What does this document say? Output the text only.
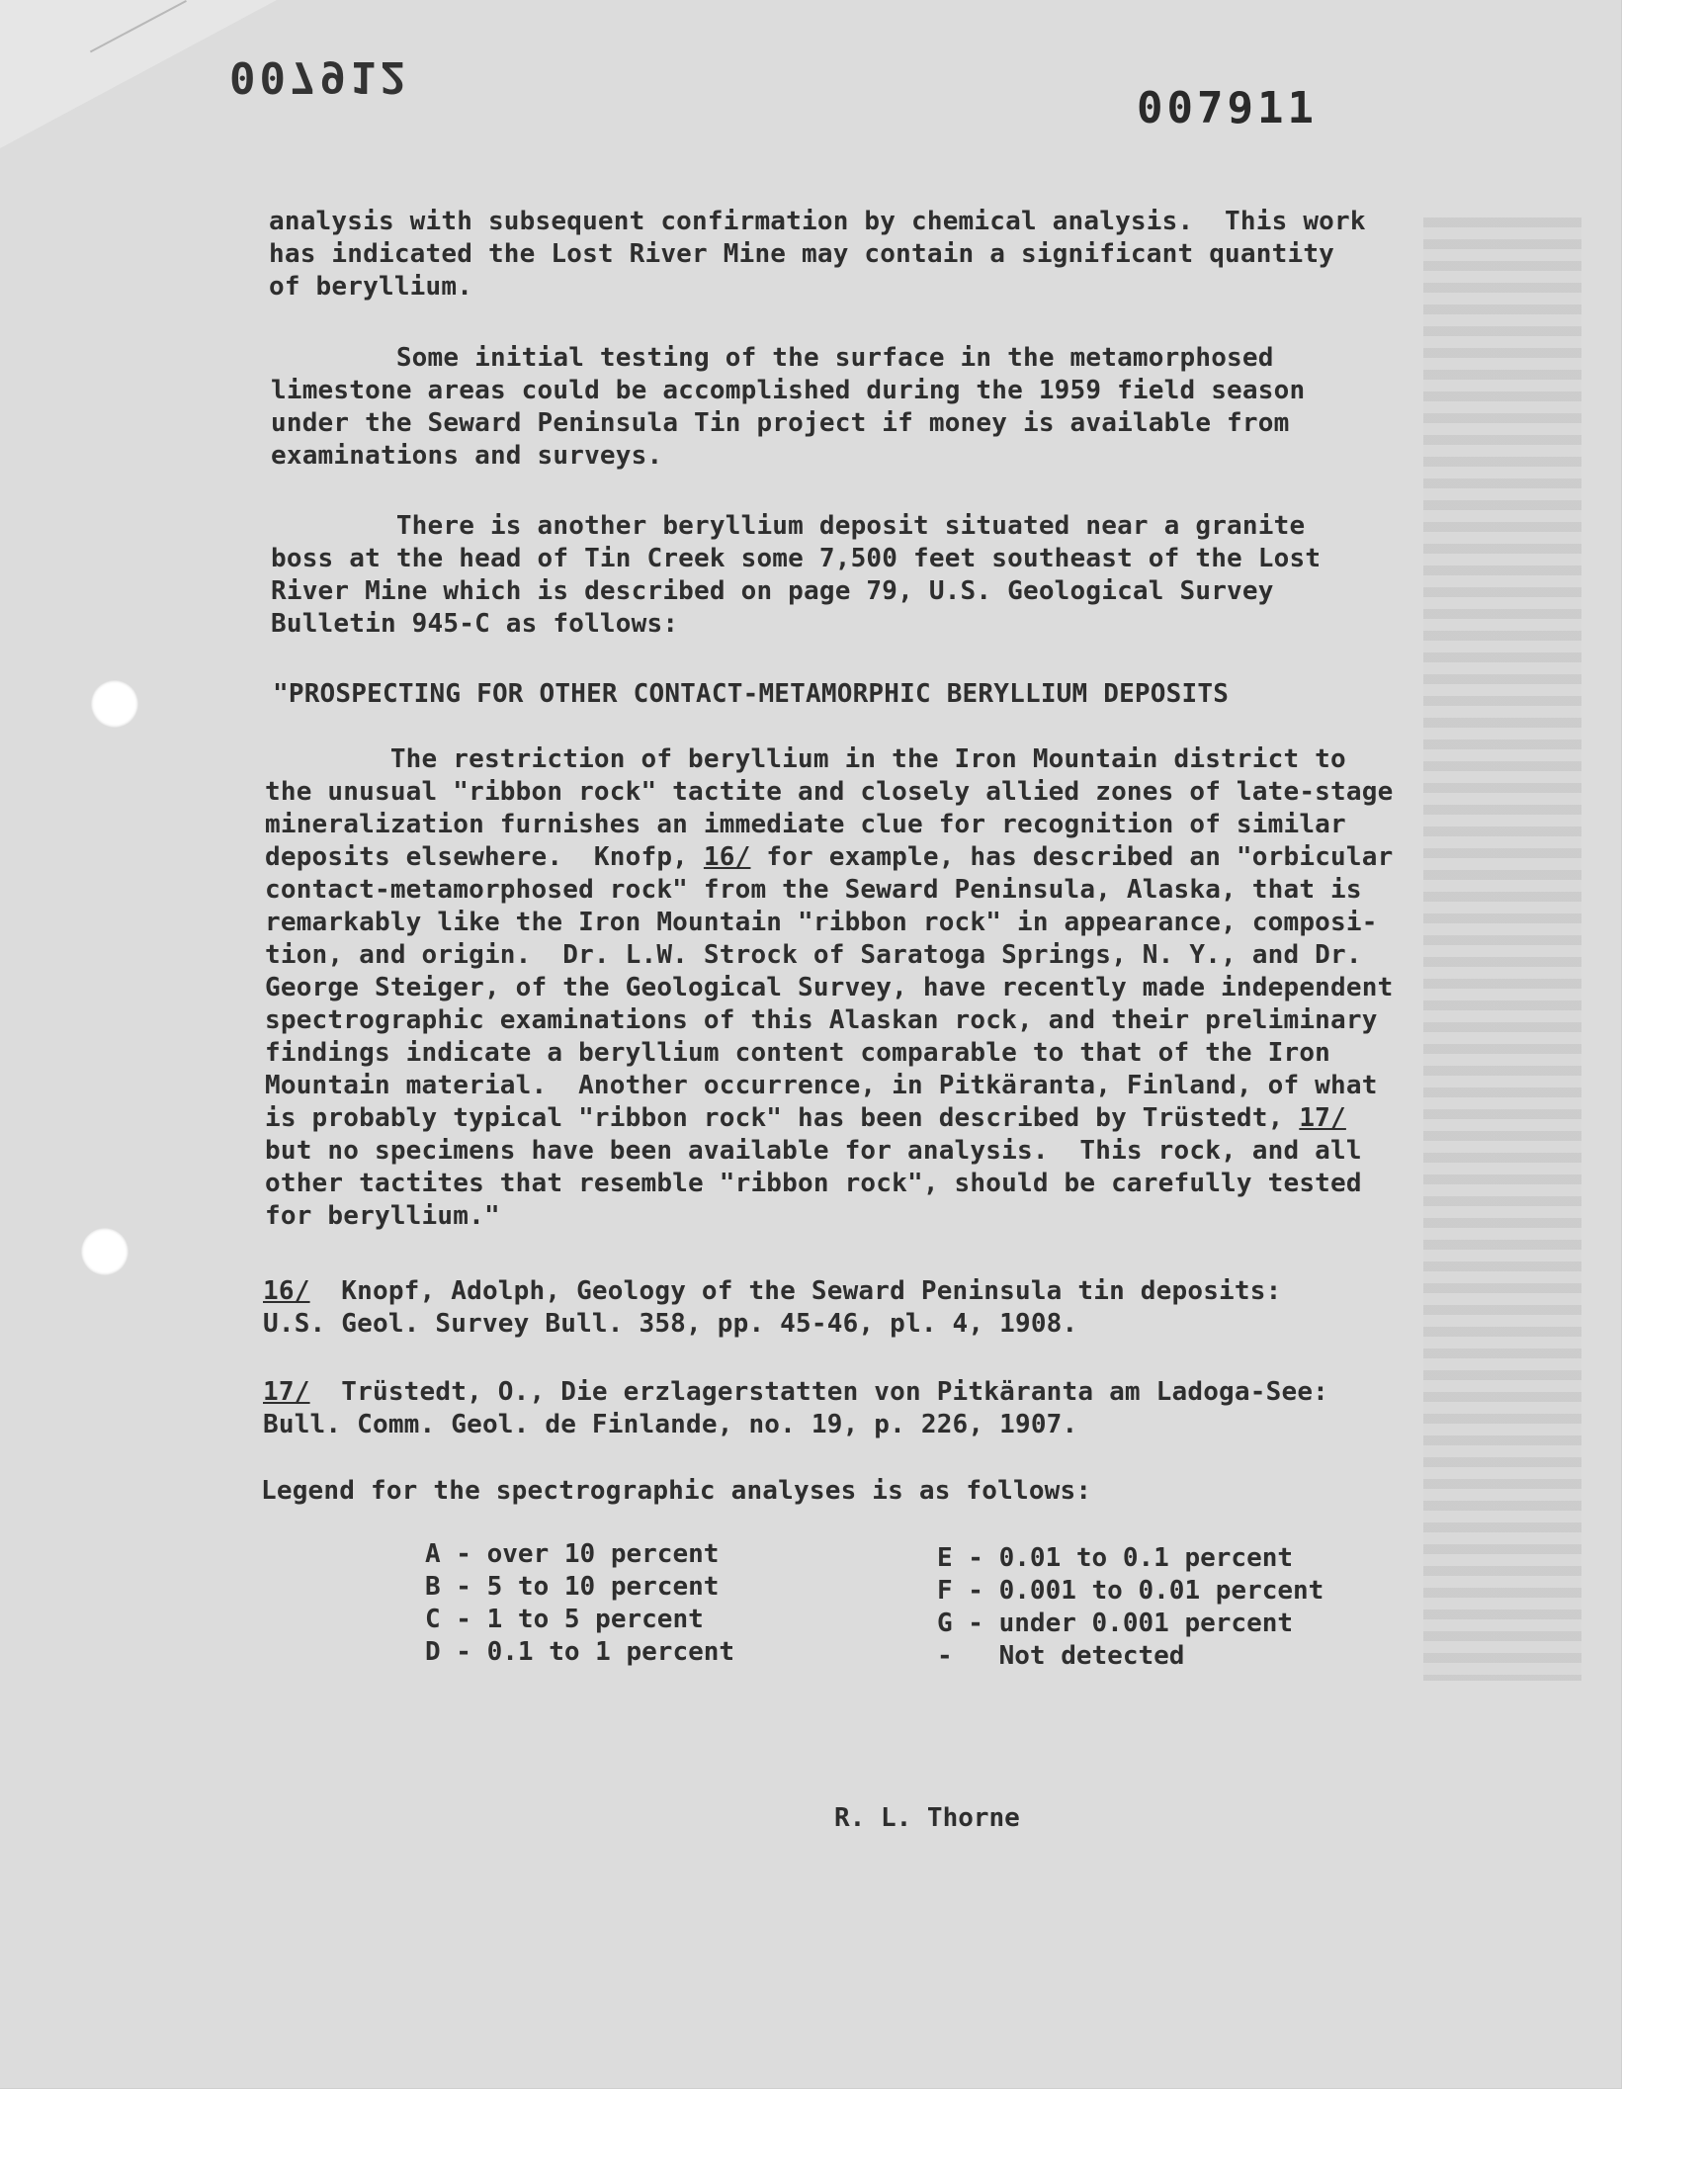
007912
007911
analysis with subsequent confirmation by chemical analysis.  This work
has indicated the Lost River Mine may contain a significant quantity
of beryllium.
Some initial testing of the surface in the metamorphosed
limestone areas could be accomplished during the 1959 field season
under the Seward Peninsula Tin project if money is available from
examinations and surveys.
There is another beryllium deposit situated near a granite
boss at the head of Tin Creek some 7,500 feet southeast of the Lost
River Mine which is described on page 79, U.S. Geological Survey
Bulletin 945-C as follows:
"PROSPECTING FOR OTHER CONTACT-METAMORPHIC BERYLLIUM DEPOSITS
The restriction of beryllium in the Iron Mountain district to
the unusual "ribbon rock" tactite and closely allied zones of late-stage
mineralization furnishes an immediate clue for recognition of similar
deposits elsewhere.  Knofp, 16/ for example, has described an "orbicular
contact-metamorphosed rock" from the Seward Peninsula, Alaska, that is
remarkably like the Iron Mountain "ribbon rock" in appearance, composi-
tion, and origin.  Dr. L.W. Strock of Saratoga Springs, N. Y., and Dr.
George Steiger, of the Geological Survey, have recently made independent
spectrographic examinations of this Alaskan rock, and their preliminary
findings indicate a beryllium content comparable to that of the Iron
Mountain material.  Another occurrence, in Pitkäranta, Finland, of what
is probably typical "ribbon rock" has been described by Trüstedt, 17/
but no specimens have been available for analysis.  This rock, and all
other tactites that resemble "ribbon rock", should be carefully tested
for beryllium."
16/  Knopf, Adolph, Geology of the Seward Peninsula tin deposits:
U.S. Geol. Survey Bull. 358, pp. 45-46, pl. 4, 1908.
17/  Trüstedt, O., Die erzlagerstatten von Pitkäranta am Ladoga-See:
Bull. Comm. Geol. de Finlande, no. 19, p. 226, 1907.
Legend for the spectrographic analyses is as follows:
A - over 10 percent
B - 5 to 10 percent
C - 1 to 5 percent
D - 0.1 to 1 percent
E - 0.01 to 0.1 percent
F - 0.001 to 0.01 percent
G - under 0.001 percent
-   Not detected
R. L. Thorne
